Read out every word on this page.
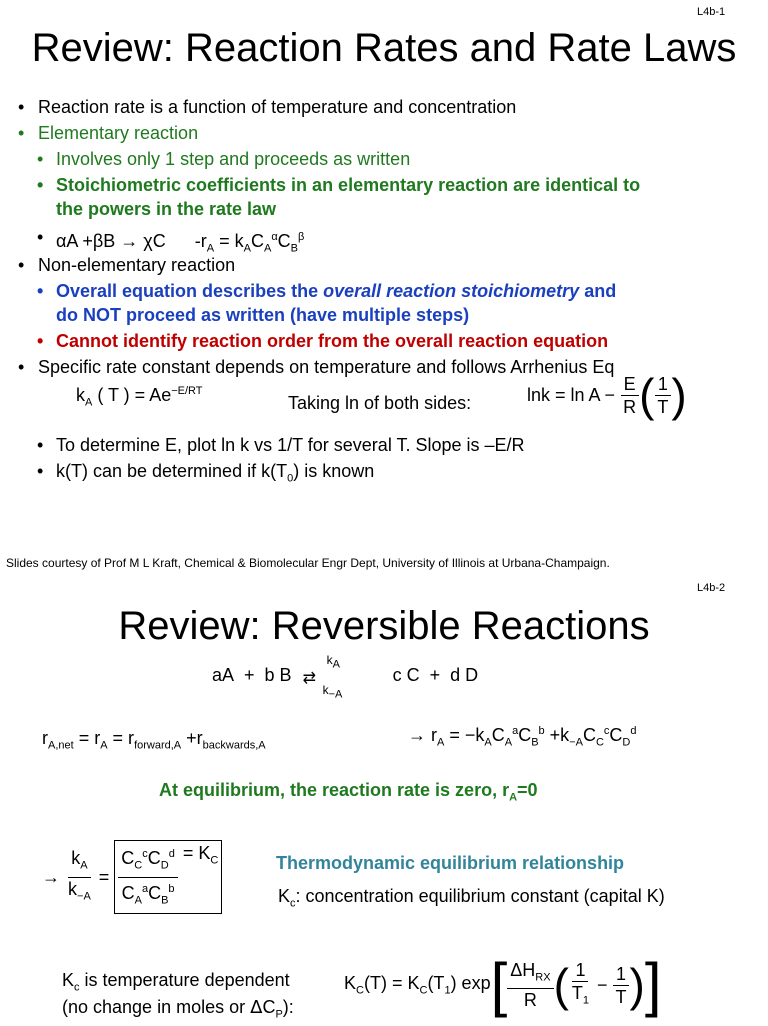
L4b-1
Review: Reaction Rates and Rate Laws
• Reaction rate is a function of temperature and concentration
• Elementary reaction
• Involves only 1 step and proceeds as written
• Stoichiometric coefficients in an elementary reaction are identical to
the powers in the rate law
• αA +βB → χC $-r_A = k_AC_A^\alpha C_B^\beta$
• Non-elementary reaction
• Overall equation describes the overall reaction stoichiometry and
do NOT proceed as written (have multiple steps)
• Cannot identify reaction order from the overall reaction equation
• Specific rate constant depends on temperature and follows Arrhenius Eq
$k_A$ ( T ) = $Ae^{-E/RT}$
Taking ln of both sides:	$\ln k = \ln A - \frac{E}{R}$ ( $\frac{1}{T}$ )
• To determine E, plot ln k vs 1/T for several T. Slope is –E/R
• k(T) can be determined if $k(T_0)$ is known
Slides courtesy of Prof M L Kraft, Chemical & Biomolecular Engr Dept, University of Illinois at Urbana-Champaign.
L4b-2
Review: Reversible Reactions
aA  +  b B
$k_A$
⇄
$k_{-A}$
c C  +  d D
$r_{A,net} = r_A = r_{forward,A} +r_{backwards,A}$
→ $r_A = -k_AC_A^aC_B^b +k_{-A}C_C^cC_D^d$
At equilibrium, the reaction rate is zero, $r_A=0$
→ $\frac{k_A}{k_{-A}} = \frac{C_C^cC_D^d}{C_A^aC_B^b} = K_C$	Thermodynamic equilibrium relationship
$K_c$: concentration equilibrium constant (capital K)
$K_c$ is temperature dependent
(no change in moles or $\Delta C_P$):
$K_C(T) = K_C(T_1)$ exp [ $\frac{\Delta H_{RX}}{R}$ ( $\frac{1}{T_1} - \frac{1}{T}$ ) ]
